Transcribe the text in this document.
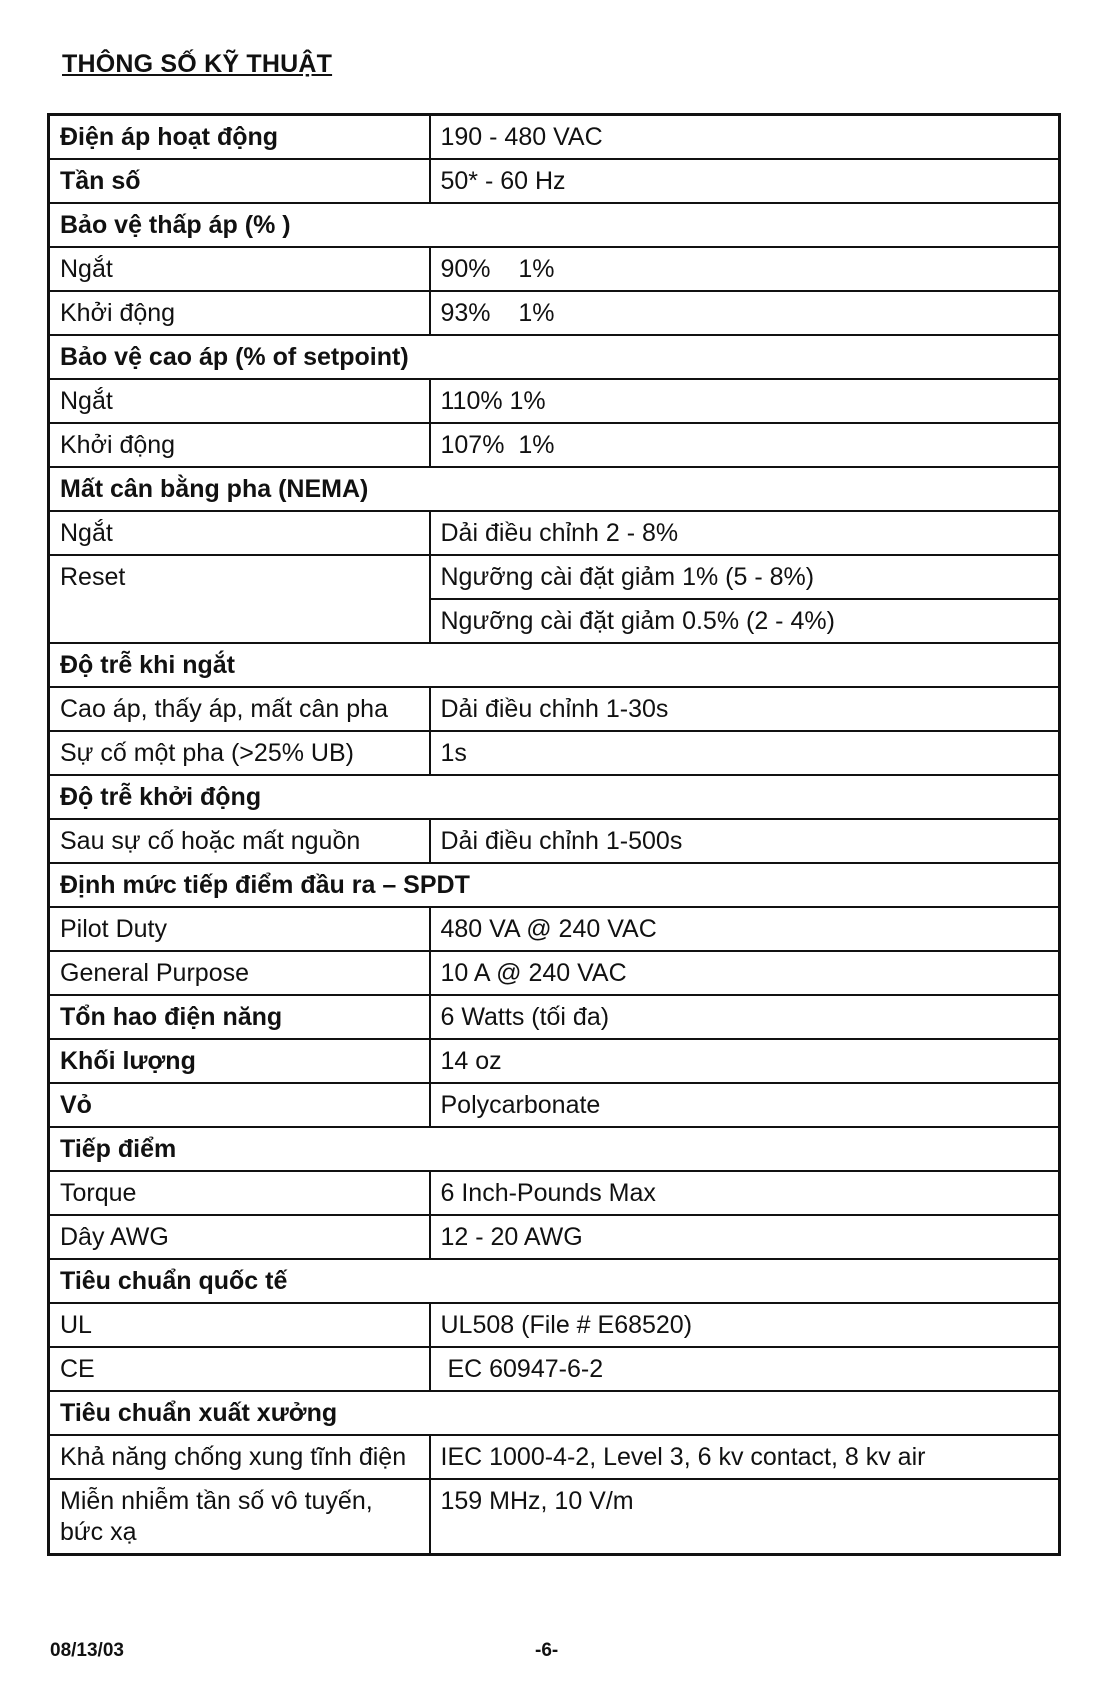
THÔNG SỐ KỸ THUẬT
Điện áp hoạt động	190 - 480 VAC
Tần số	50* - 60 Hz
Bảo vệ thấp áp (% )	
Ngắt	90%    1%
Khởi động	93%    1%
Bảo vệ cao áp (% of setpoint)	
Ngắt	110% 1%
Khởi động	107%  1%
Mất cân bằng pha (NEMA)	
Ngắt	Dải điều chỉnh 2 - 8%
Reset	Ngưỡng cài đặt giảm 1% (5 - 8%)
	Ngưỡng cài đặt giảm 0.5% (2 - 4%)
Độ trễ khi ngắt	
Cao áp, thấy áp, mất cân pha	Dải điều chỉnh 1-30s
Sự cố một pha (>25% UB)	1s
Độ trễ khởi động	
Sau sự cố hoặc mất nguồn	Dải điều chỉnh 1-500s
Định mức tiếp điểm đầu ra – SPDT	
Pilot Duty	480 VA @ 240 VAC
General Purpose	10 A @ 240 VAC
Tổn hao điện năng	6 Watts (tối đa)
Khối lượng	14 oz
Vỏ	Polycarbonate
Tiếp điểm	
Torque	6 Inch-Pounds Max
Dây AWG	12 - 20 AWG
Tiêu chuẩn quốc tế	
UL	UL508 (File # E68520)
CE	EC 60947-6-2
Tiêu chuẩn xuất xưởng	
Khả năng chống xung tĩnh điện	IEC 1000-4-2, Level 3, 6 kv contact, 8 kv air
Miễn nhiễm tần số vô tuyến, bức xạ	159 MHz, 10 V/m
08/13/03	-6-
